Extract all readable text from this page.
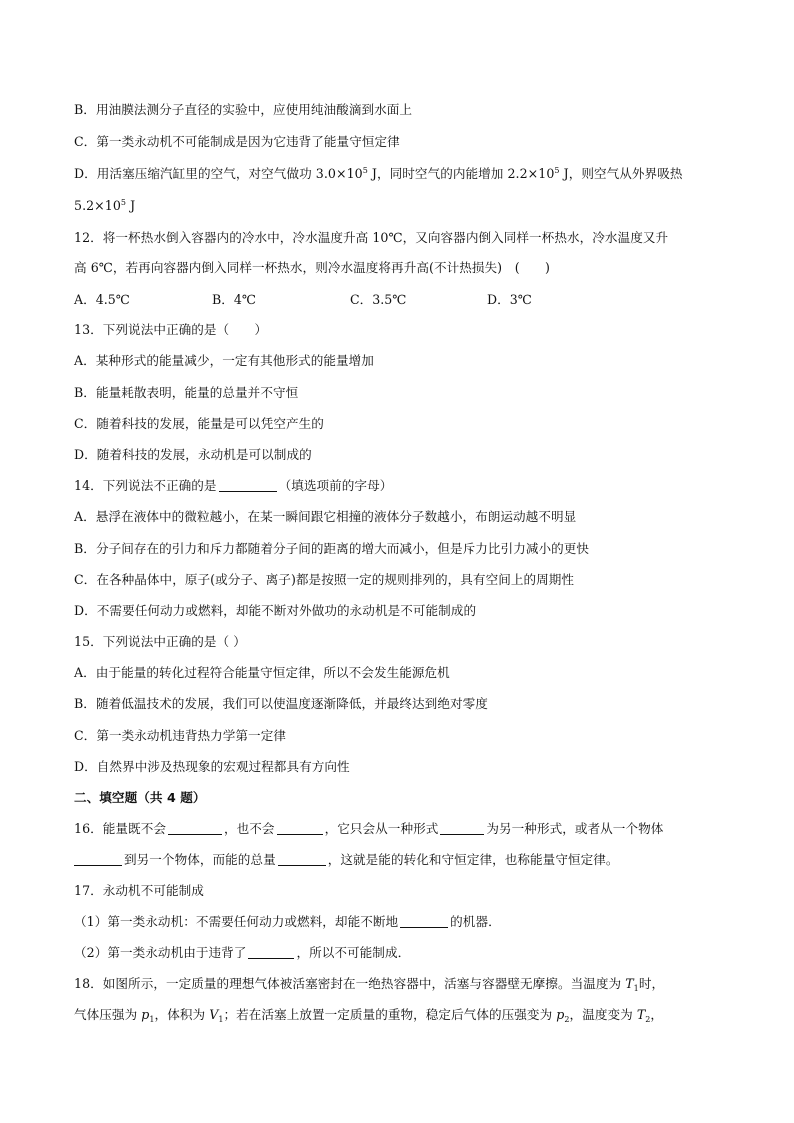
B．用油膜法测分子直径的实验中，应使用纯油酸滴到水面上
C．第一类永动机不可能制成是因为它违背了能量守恒定律
D．用活塞压缩汽缸里的空气，对空气做功 $3.0\times 10^5$ J，同时空气的内能增加 $2.2\times 10^5$ J，则空气从外界吸热
$5.2\times 10^5$ J
12．将一杯热水倒入容器内的冷水中，冷水温度升高 10℃，又向容器内倒入同样一杯热水，冷水温度又升
高 6℃，若再向容器内倒入同样一杯热水，则冷水温度将再升高(不计热损失)　(　　)
A．4.5℃	B．4℃	C．3.5℃	D．3℃
13．下列说法中正确的是（　　）
A．某种形式的能量减少，一定有其他形式的能量增加
B．能量耗散表明，能量的总量并不守恒
C．随着科技的发展，能量是可以凭空产生的
D．随着科技的发展，永动机是可以制成的
14．下列说法不正确的是	（填选项前的字母）
A．悬浮在液体中的微粒越小，在某一瞬间跟它相撞的液体分子数越小，布朗运动越不明显
B．分子间存在的引力和斥力都随着分子间的距离的增大而减小，但是斥力比引力减小的更快
C．在各种晶体中，原子(或分子、离子)都是按照一定的规则排列的，具有空间上的周期性
D．不需要任何动力或燃料，却能不断对外做功的永动机是不可能制成的
15．下列说法中正确的是（ ）
A．由于能量的转化过程符合能量守恒定律，所以不会发生能源危机
B．随着低温技术的发展，我们可以使温度逐渐降低，并最终达到绝对零度
C．第一类永动机违背热力学第一定律
D．自然界中涉及热现象的宏观过程都具有方向性
二、填空题（共 4 题）
16．能量既不会	，也不会	，它只会从一种形式	为另一种形式，或者从一个物体
到另一个物体，而能的总量	，这就是能的转化和守恒定律，也称能量守恒定律。
17．永动机不可能制成
（1）第一类永动机：不需要任何动力或燃料，却能不断地	的机器．
（2）第一类永动机由于违背了	，所以不可能制成．
18．如图所示，一定质量的理想气体被活塞密封在一绝热容器中，活塞与容器壁无摩擦。当温度为 $T_1$时，
气体压强为 $p_1$，体积为 $V_1$；若在活塞上放置一定质量的重物，稳定后气体的压强变为 $p_2$，温度变为 $T_2$，
